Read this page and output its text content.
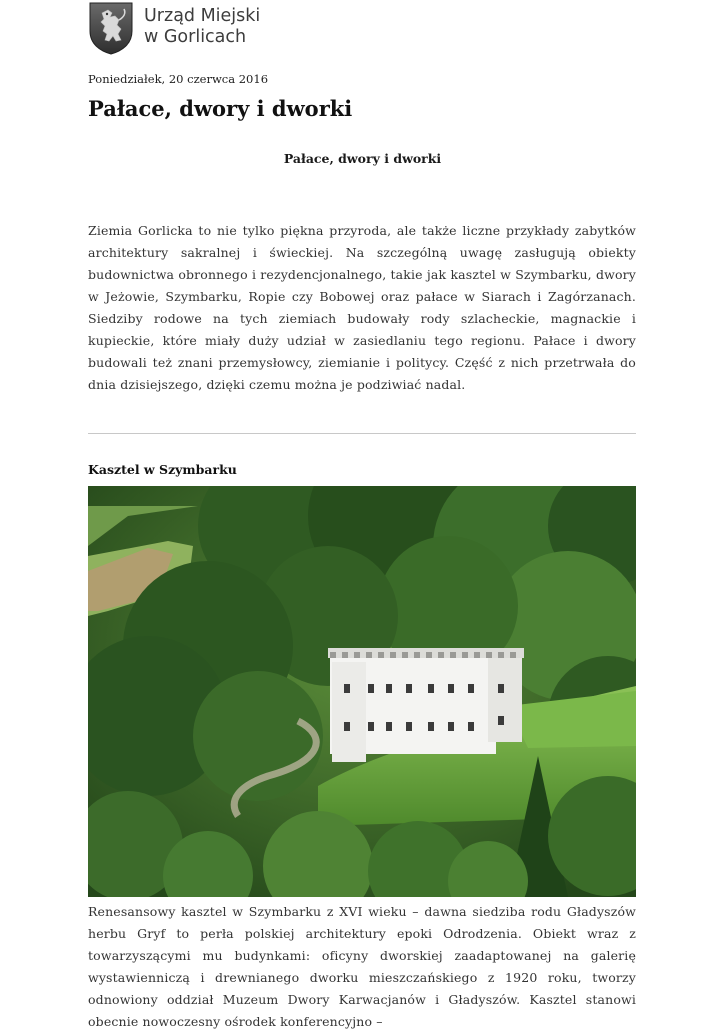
Urząd Miejski
w Gorlicach
Poniedziałek, 20 czerwca 2016
Pałace, dwory i dworki
Pałace, dwory i dworki

Ziemia Gorlicka to nie tylko piękna przyroda, ale także liczne przykłady zabytków architektury sakralnej i świeckiej. Na szczególną uwagę zasługują obiekty budownictwa obronnego i rezydencjonalnego, takie jak kasztel w Szymbarku, dwory w Jeżowie, Szymbarku, Ropie czy Bobowej oraz pałace w Siarach i Zagórzanach. Siedziby rodowe na tych ziemiach budowały rody szlacheckie, magnackie i kupieckie, które miały duży udział w zasiedlaniu tego regionu. Pałace i dwory budowali też znani przemysłowcy, ziemianie i politycy. Część z nich przetrwała do dnia dzisiejszego, dzięki czemu można je podziwiać nadal.

Kasztel w Szymbarku

Renesansowy kasztel w Szymbarku z XVI wieku – dawna siedziba rodu Gładyszów herbu Gryf to perła polskiej architektury epoki Odrodzenia. Obiekt wraz z towarzyszącymi mu budynkami: oficyny dworskiej zaadaptowanej na galerię wystawienniczą i drewnianego dworku mieszczańskiego z 1920 roku, tworzy odnowiony oddział Muzeum Dwory Karwacjanów i Gładyszów. Kasztel stanowi obecnie nowoczesny ośrodek konferencyjno –
